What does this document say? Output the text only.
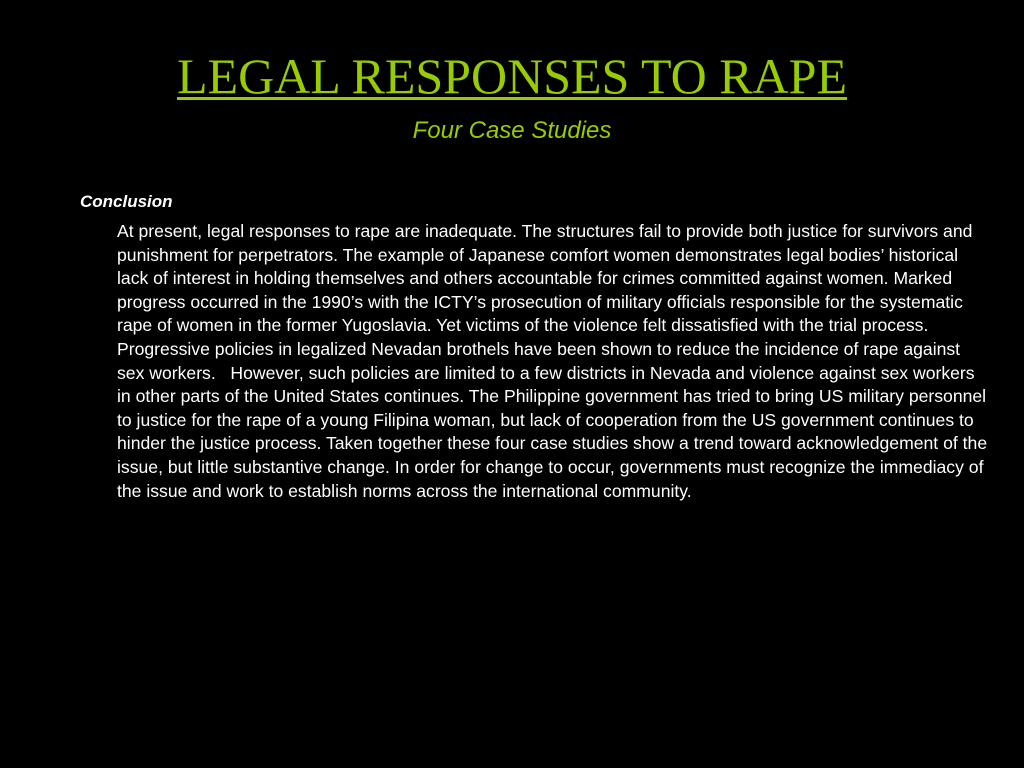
LEGAL RESPONSES TO RAPE
Four Case Studies
Conclusion

At present, legal responses to rape are inadequate. The structures fail to provide both justice for survivors and punishment for perpetrators. The example of Japanese comfort women demonstrates legal bodies’ historical lack of interest in holding themselves and others accountable for crimes committed against women. Marked progress occurred in the 1990’s with the ICTY’s prosecution of military officials responsible for the systematic rape of women in the former Yugoslavia. Yet victims of the violence felt dissatisfied with the trial process. Progressive policies in legalized Nevadan brothels have been shown to reduce the incidence of rape against sex workers.   However, such policies are limited to a few districts in Nevada and violence against sex workers in other parts of the United States continues. The Philippine government has tried to bring US military personnel to justice for the rape of a young Filipina woman, but lack of cooperation from the US government continues to hinder the justice process. Taken together these four case studies show a trend toward acknowledgement of the issue, but little substantive change. In order for change to occur, governments must recognize the immediacy of the issue and work to establish norms across the international community.
